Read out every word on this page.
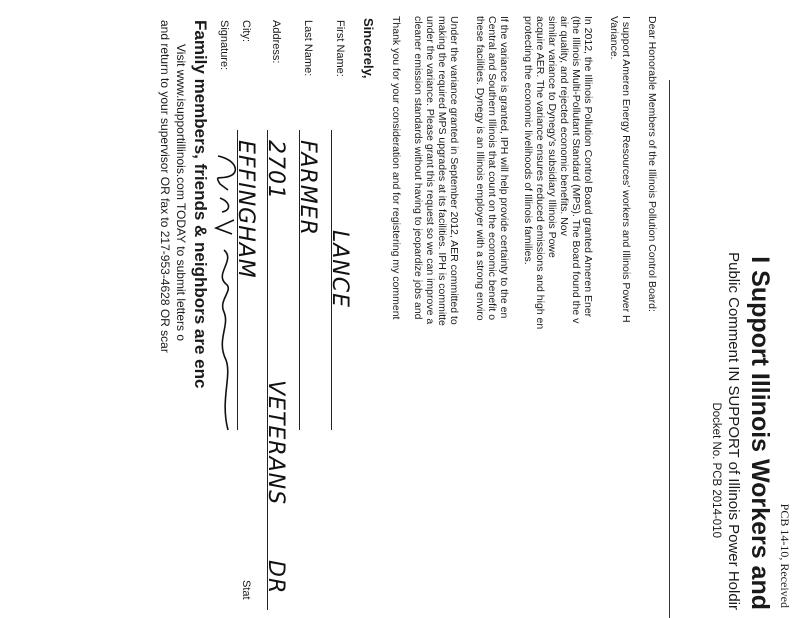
PCB 14-10, Received
I Support Illinois Workers and
Public Comment IN SUPPORT of Illinois Power Holdir
Docket No. PCB 2014-010

Dear Honorable Members of the Illinois Pollution Control Board:

I support Ameren Energy Resources' workers and Illinois Power H

Variance.

In 2012, the Illinois Pollution Control Board granted Ameren Ener

(the Illinois Multi-Pollutant Standard (MPS). The Board found the v

air quality, and rejected economic benefits. Nov

similar variance to Dynegy's subsidiary Illinois Powe

acquire AER. The variance ensures reduced emissions and high en

protecting the economic livelihoods of Illinois families.

If the variance is granted, IPH will help provide certainty to the en

Central and Southern Illinois that count on the economic benefit o

these facilities. Dynegy is an Illinois employer with a strong enviro

Under the variance granted in September 2012, AER committed to

making the required MPS upgrades at its facilities. IPH is committe

under the variance. Please grant this request so we can improve a

cleaner emission standards without having to jeopardize jobs and

Thank you for your consideration and for registering my comment

Sincerely,
First Name:
LANCE
Last Name:
FARMER
Address:
2701
VETERANS
DR
City:
EFFINGHAM
Stat
Signature:
Family members, friends & neighbors are enc
Visit www.isupportillinois.com TODAY to submit letters o
and return to your supervisor OR fax to 217-953-4628 OR scar
